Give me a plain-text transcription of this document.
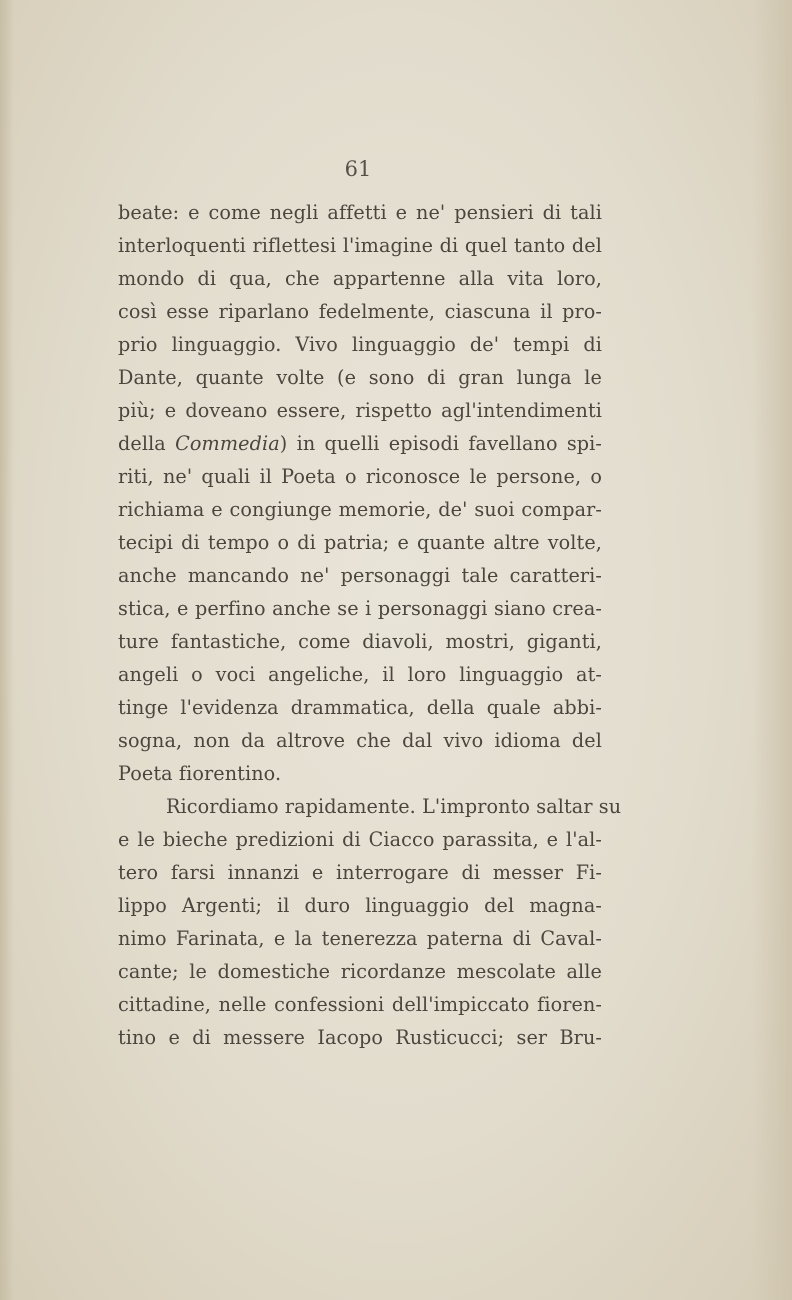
61
beate: e come negli affetti e ne' pensieri di tali
interloquenti riflettesi l'imagine di quel tanto del
mondo di qua, che appartenne alla vita loro,
così esse riparlano fedelmente, ciascuna il pro-
prio linguaggio. Vivo linguaggio de' tempi di
Dante, quante volte (e sono di gran lunga le
più; e doveano essere, rispetto agl'intendimenti
della Commedia) in quelli episodi favellano spi-
riti, ne' quali il Poeta o riconosce le persone, o
richiama e congiunge memorie, de' suoi compar-
tecipi di tempo o di patria; e quante altre volte,
anche mancando ne' personaggi tale caratteri-
stica, e perfino anche se i personaggi siano crea-
ture fantastiche, come diavoli, mostri, giganti,
angeli o voci angeliche, il loro linguaggio at-
tinge l'evidenza drammatica, della quale abbi-
sogna, non da altrove che dal vivo idioma del
Poeta fiorentino.
Ricordiamo rapidamente. L'impronto saltar su
e le bieche predizioni di Ciacco parassita, e l'al-
tero farsi innanzi e interrogare di messer Fi-
lippo Argenti; il duro linguaggio del magna-
nimo Farinata, e la tenerezza paterna di Caval-
cante; le domestiche ricordanze mescolate alle
cittadine, nelle confessioni dell'impiccato fioren-
tino e di messere Iacopo Rusticucci; ser Bru-
